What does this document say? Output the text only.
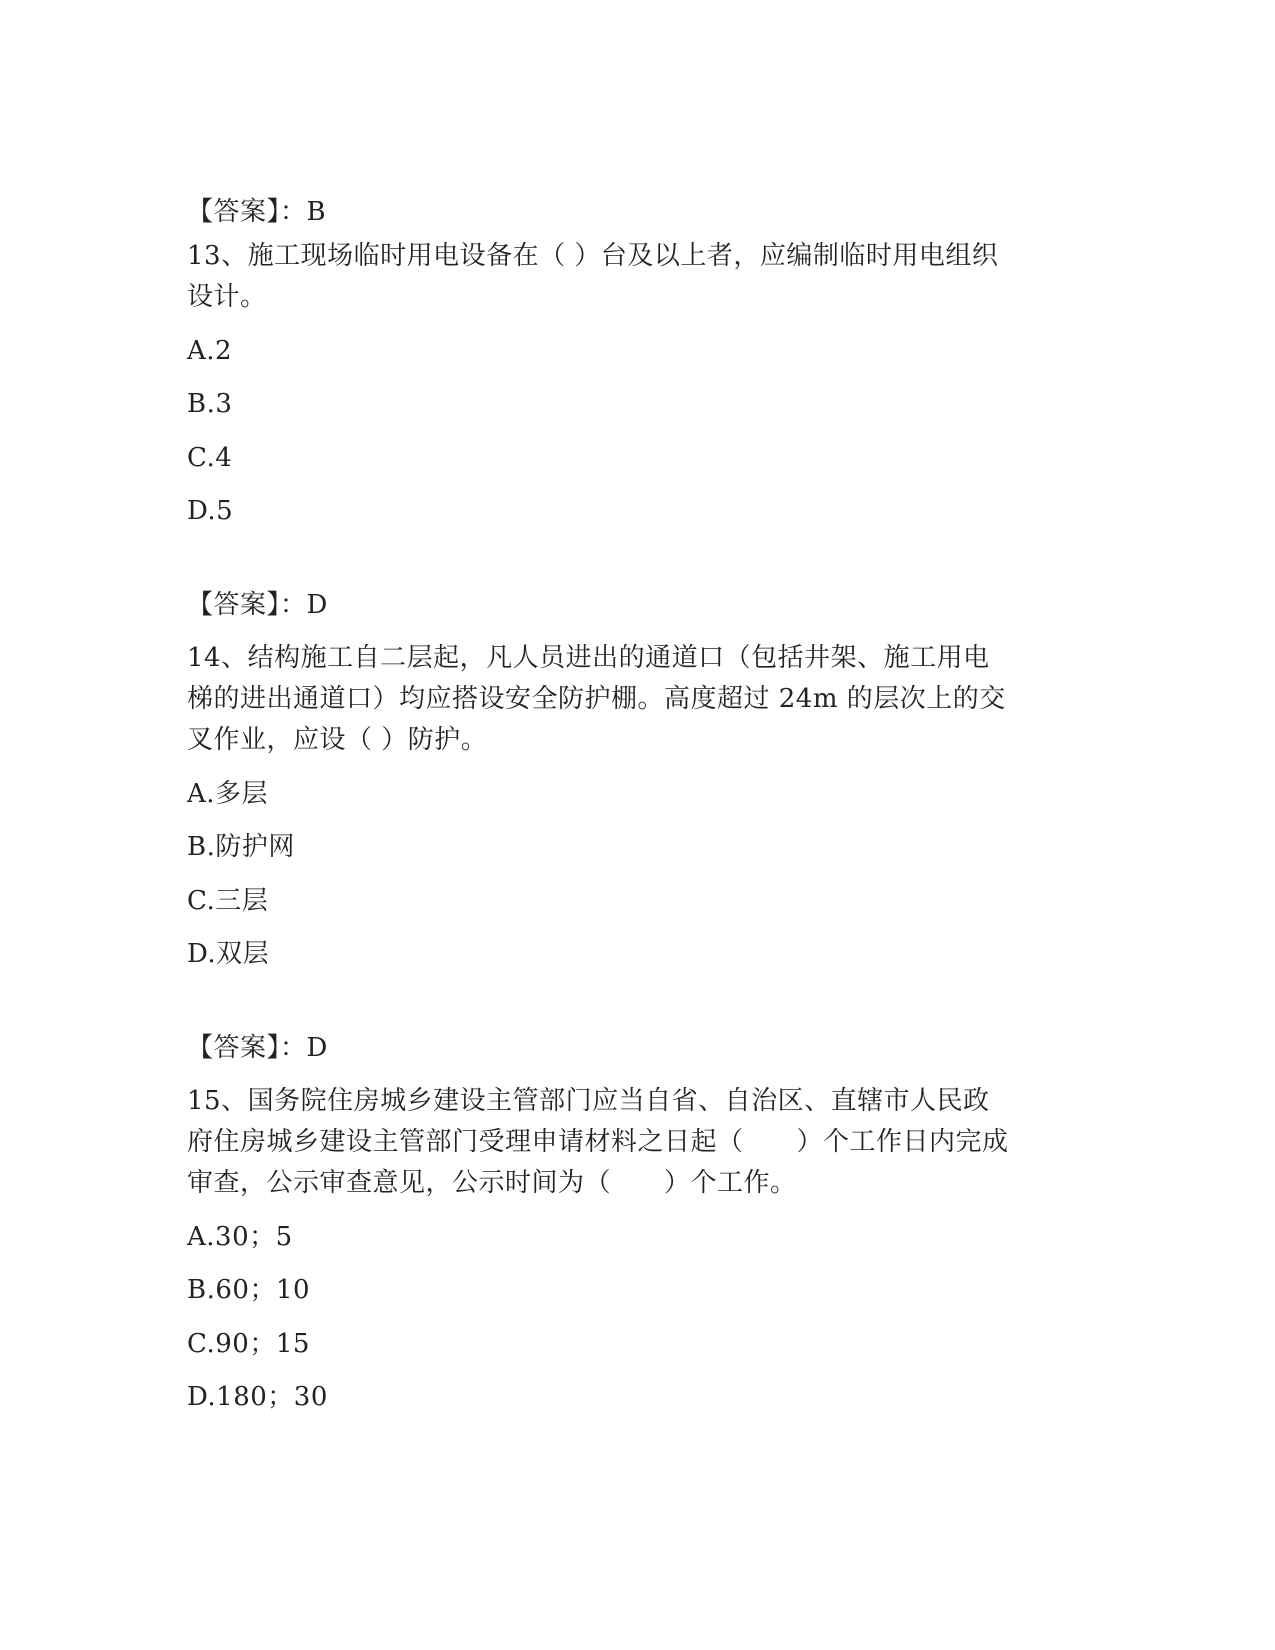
【答案】：B
13、施工现场临时用电设备在（ ）台及以上者，应编制临时用电组织
设计。
A.2
B.3
C.4
D.5
【答案】：D
14、结构施工自二层起，凡人员进出的通道口（包括井架、施工用电
梯的进出通道口）均应搭设安全防护棚。高度超过 24m 的层次上的交
叉作业，应设（ ）防护。
A.多层
B.防护网
C.三层
D.双层
【答案】：D
15、国务院住房城乡建设主管部门应当自省、自治区、直辖市人民政
府住房城乡建设主管部门受理申请材料之日起（　　）个工作日内完成
审查，公示审查意见，公示时间为（　　）个工作。
A.30；5
B.60；10
C.90；15
D.180；30
